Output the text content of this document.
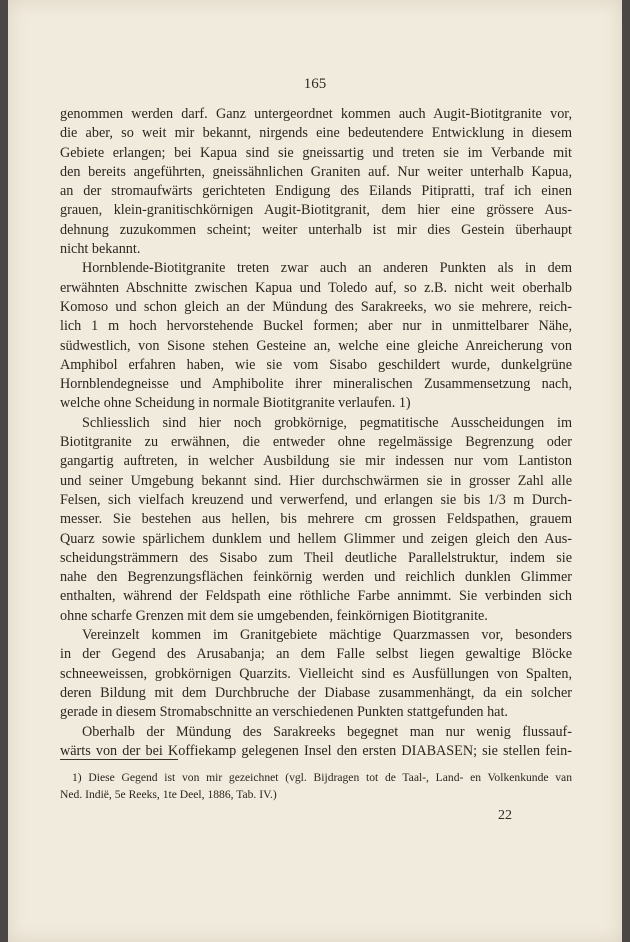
165
genommen werden darf. Ganz untergeordnet kommen auch Augit-Biotitgranite vor,
die aber, so weit mir bekannt, nirgends eine bedeutendere Entwicklung in diesem
Gebiete erlangen; bei Kapua sind sie gneissartig und treten sie im Verbande mit
den bereits angeführten, gneissähnlichen Graniten auf. Nur weiter unterhalb Kapua,
an der stromaufwärts gerichteten Endigung des Eilands Pitipratti, traf ich einen
grauen, klein-granitischkörnigen Augit-Biotitgranit, dem hier eine grössere Aus-
dehnung zuzukommen scheint; weiter unterhalb ist mir dies Gestein überhaupt
nicht bekannt.
Hornblende-Biotitgranite treten zwar auch an anderen Punkten als in dem
erwähnten Abschnitte zwischen Kapua und Toledo auf, so z.B. nicht weit oberhalb
Komoso und schon gleich an der Mündung des Sarakreeks, wo sie mehrere, reich-
lich 1 m hoch hervorstehende Buckel formen; aber nur in unmittelbarer Nähe,
südwestlich, von Sisone stehen Gesteine an, welche eine gleiche Anreicherung von
Amphibol erfahren haben, wie sie vom Sisabo geschildert wurde, dunkelgrüne
Hornblendegneisse und Amphibolite ihrer mineralischen Zusammensetzung nach,
welche ohne Scheidung in normale Biotitgranite verlaufen. 1)
Schliesslich sind hier noch grobkörnige, pegmatitische Ausscheidungen im
Biotitgranite zu erwähnen, die entweder ohne regelmässige Begrenzung oder
gangartig auftreten, in welcher Ausbildung sie mir indessen nur vom Lantiston
und seiner Umgebung bekannt sind. Hier durchschwärmen sie in grosser Zahl alle
Felsen, sich vielfach kreuzend und verwerfend, und erlangen sie bis 1/3 m Durch-
messer. Sie bestehen aus hellen, bis mehrere cm grossen Feldspathen, grauem
Quarz sowie spärlichem dunklem und hellem Glimmer und zeigen gleich den Aus-
scheidungsträmmern des Sisabo zum Theil deutliche Parallelstruktur, indem sie
nahe den Begrenzungsflächen feinkörnig werden und reichlich dunklen Glimmer
enthalten, während der Feldspath eine röthliche Farbe annimmt. Sie verbinden sich
ohne scharfe Grenzen mit dem sie umgebenden, feinkörnigen Biotitgranite.
Vereinzelt kommen im Granitgebiete mächtige Quarzmassen vor, besonders
in der Gegend des Arusabanja; an dem Falle selbst liegen gewaltige Blöcke
schneeweissen, grobkörnigen Quarzits. Vielleicht sind es Ausfüllungen von Spalten,
deren Bildung mit dem Durchbruche der Diabase zusammenhängt, da ein solcher
gerade in diesem Stromabschnitte an verschiedenen Punkten stattgefunden hat.
Oberhalb der Mündung des Sarakreeks begegnet man nur wenig flussauf-
wärts von der bei Koffiekamp gelegenen Insel den ersten DIABASEN; sie stellen fein-
1) Diese Gegend ist von mir gezeichnet (vgl. Bijdragen tot de Taal-, Land- en Volkenkunde van
Ned. Indië, 5e Reeks, 1te Deel, 1886, Tab. IV.)
22
